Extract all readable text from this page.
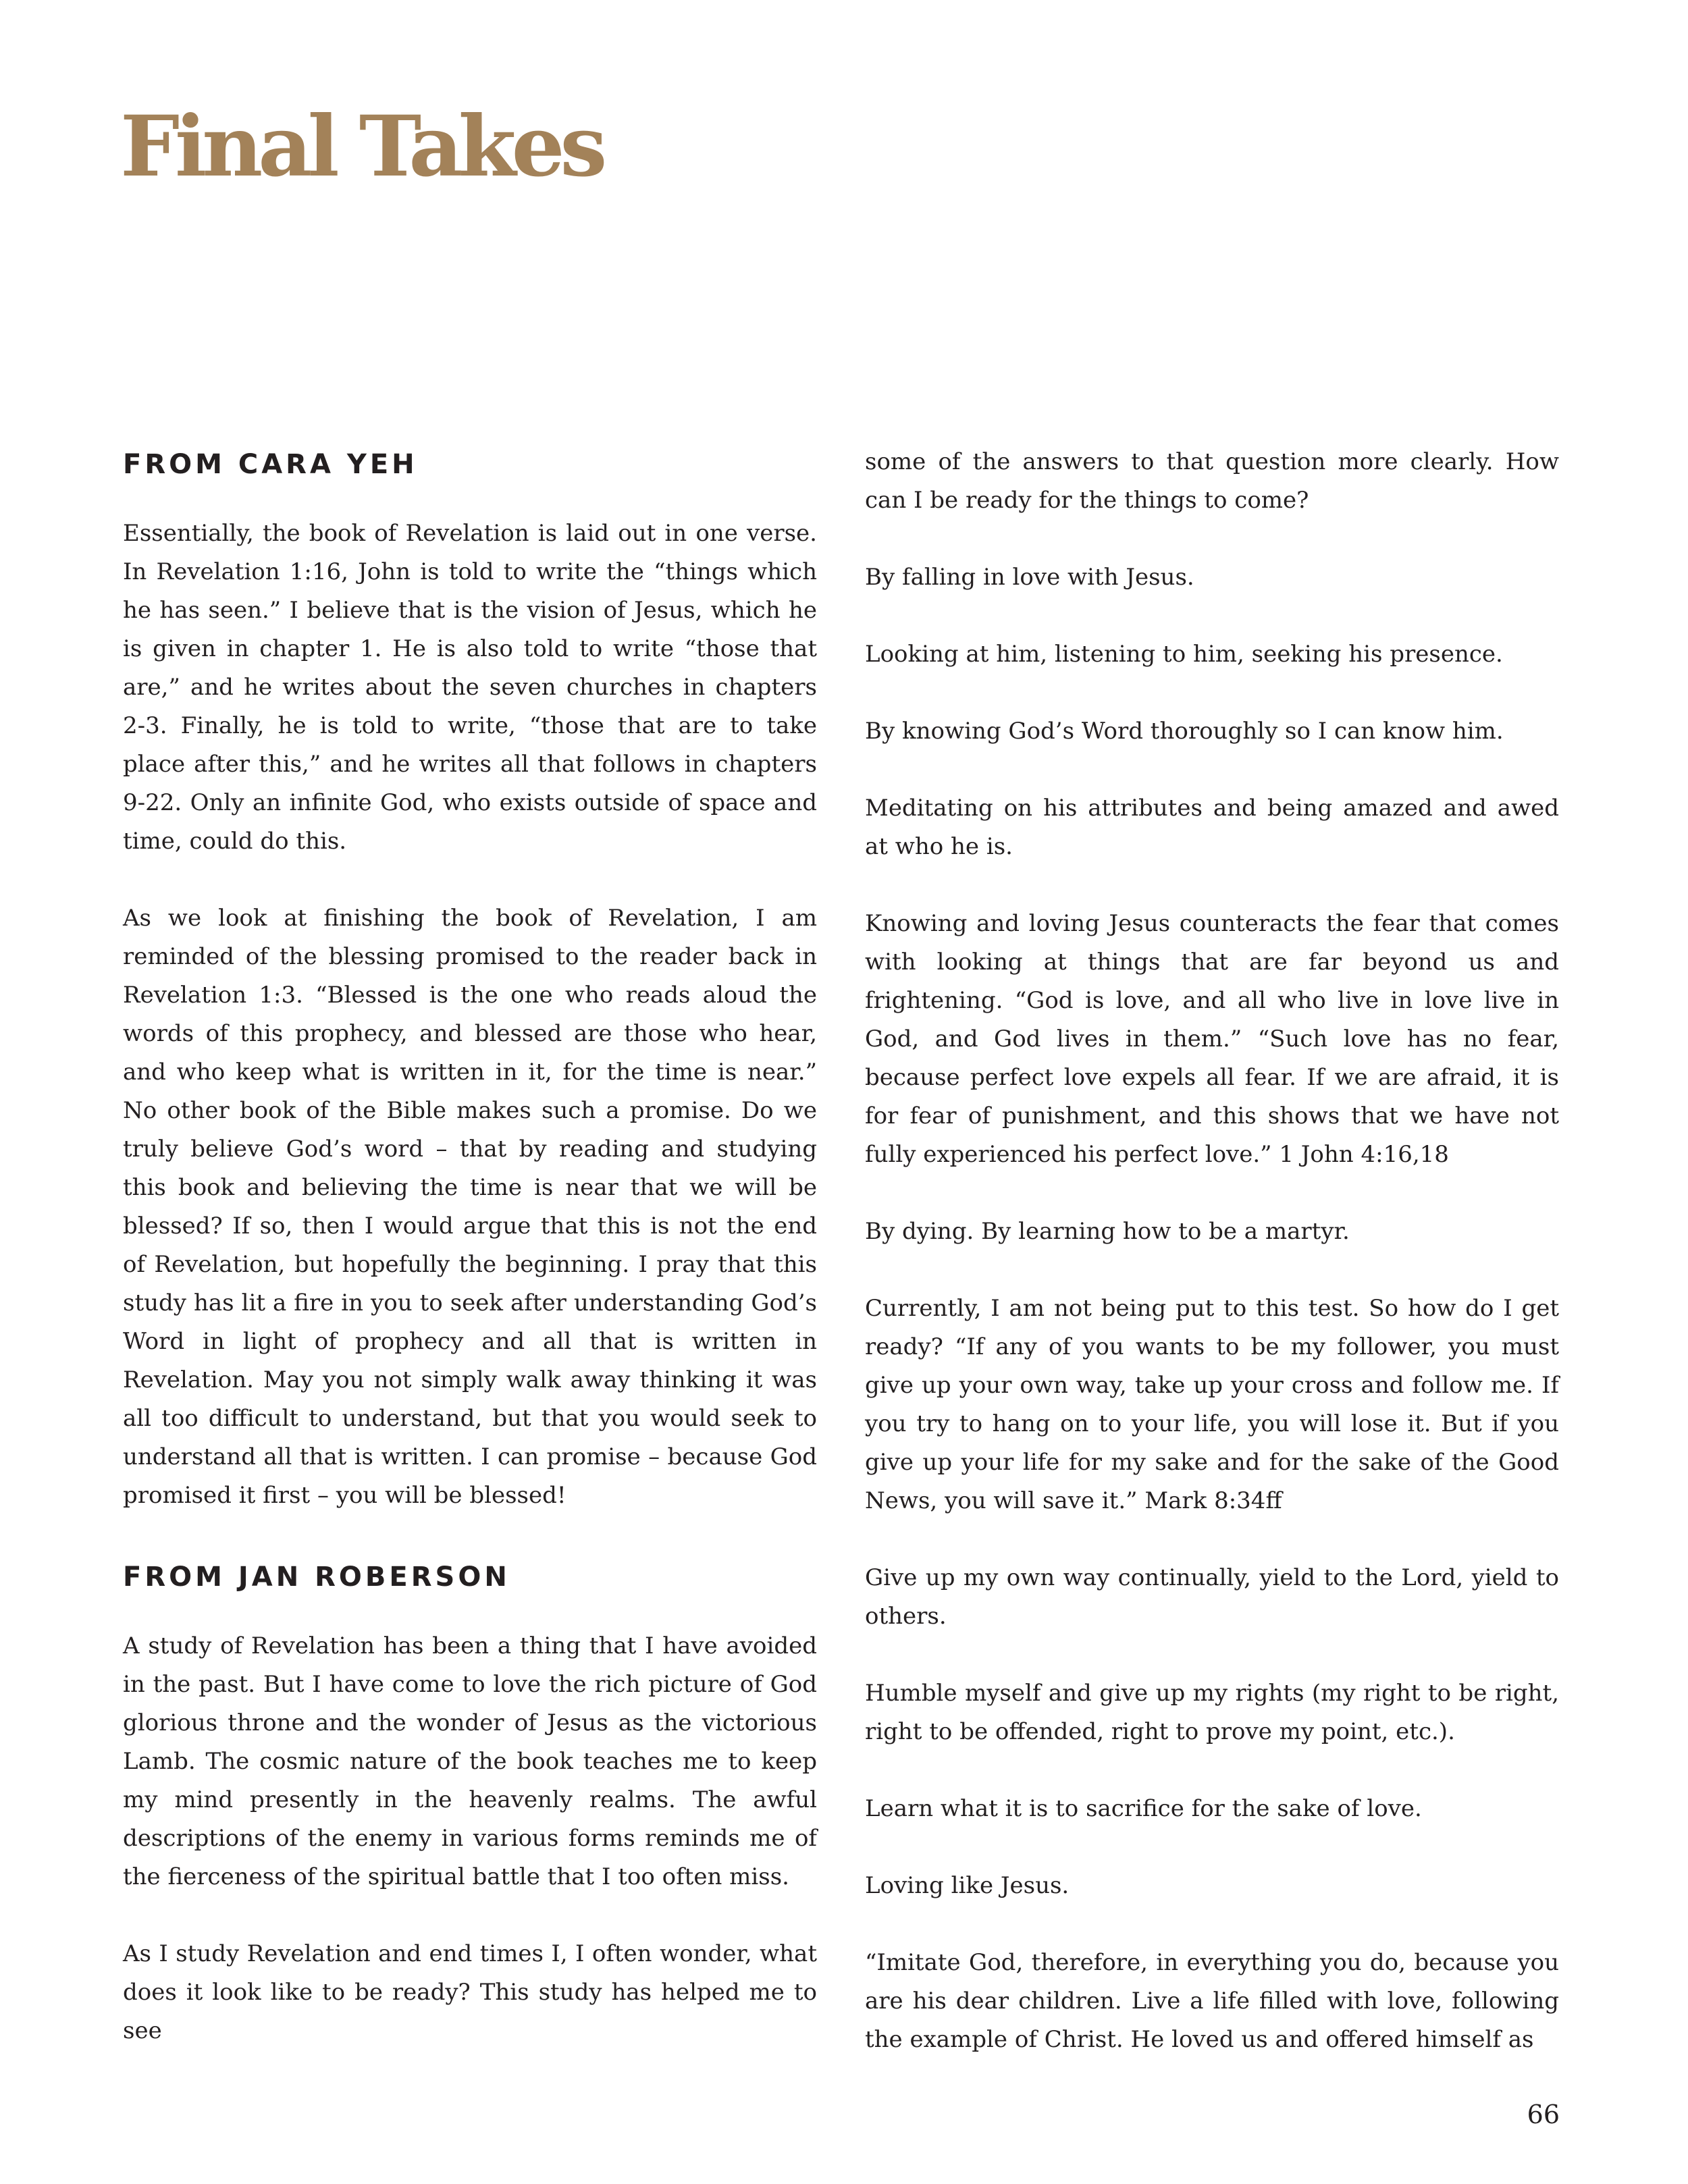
Final Takes
FROM CARA YEH

Essentially, the book of Revelation is laid out in one verse. In Revelation 1:16, John is told to write the “things which he has seen.” I believe that is the vision of Jesus, which he is given in chapter 1. He is also told to write “those that are,” and he writes about the seven churches in chapters 2-3. Finally, he is told to write, “those that are to take place after this,” and he writes all that follows in chapters 9-22. Only an infinite God, who exists outside of space and time, could do this.

As we look at finishing the book of Revelation, I am reminded of the blessing promised to the reader back in Revelation 1:3. “Blessed is the one who reads aloud the words of this prophecy, and blessed are those who hear, and who keep what is written in it, for the time is near.” No other book of the Bible makes such a promise. Do we truly believe God’s word – that by reading and studying this book and believing the time is near that we will be blessed? If so, then I would argue that this is not the end of Revelation, but hopefully the beginning. I pray that this study has lit a fire in you to seek after understanding God’s Word in light of prophecy and all that is written in Revelation. May you not simply walk away thinking it was all too difficult to understand, but that you would seek to understand all that is written. I can promise – because God promised it first – you will be blessed!

FROM JAN ROBERSON

A study of Revelation has been a thing that I have avoided in the past. But I have come to love the rich picture of God glorious throne and the wonder of Jesus as the victorious Lamb. The cosmic nature of the book teaches me to keep my mind presently in the heavenly realms. The awful descriptions of the enemy in various forms reminds me of the fierceness of the spiritual battle that I too often miss.

As I study Revelation and end times I, I often wonder, what does it look like to be ready? This study has helped me to see

some of the answers to that question more clearly. How can I be ready for the things to come?

By falling in love with Jesus.

Looking at him, listening to him, seeking his presence.

By knowing God’s Word thoroughly so I can know him.

Meditating on his attributes and being amazed and awed at who he is.

Knowing and loving Jesus counteracts the fear that comes with looking at things that are far beyond us and frightening. “God is love, and all who live in love live in God, and God lives in them.” “Such love has no fear, because perfect love expels all fear. If we are afraid, it is for fear of punishment, and this shows that we have not fully experienced his perfect love.” 1 John 4:16,18

By dying. By learning how to be a martyr.

Currently, I am not being put to this test. So how do I get ready? “If any of you wants to be my follower, you must give up your own way, take up your cross and follow me. If you try to hang on to your life, you will lose it. But if you give up your life for my sake and for the sake of the Good News, you will save it.” Mark 8:34ff

Give up my own way continually, yield to the Lord, yield to others.

Humble myself and give up my rights (my right to be right, right to be offended, right to prove my point, etc.).

Learn what it is to sacrifice for the sake of love.

Loving like Jesus.

“Imitate God, therefore, in everything you do, because you are his dear children. Live a life filled with love, following the example of Christ. He loved us and offered himself as

66
